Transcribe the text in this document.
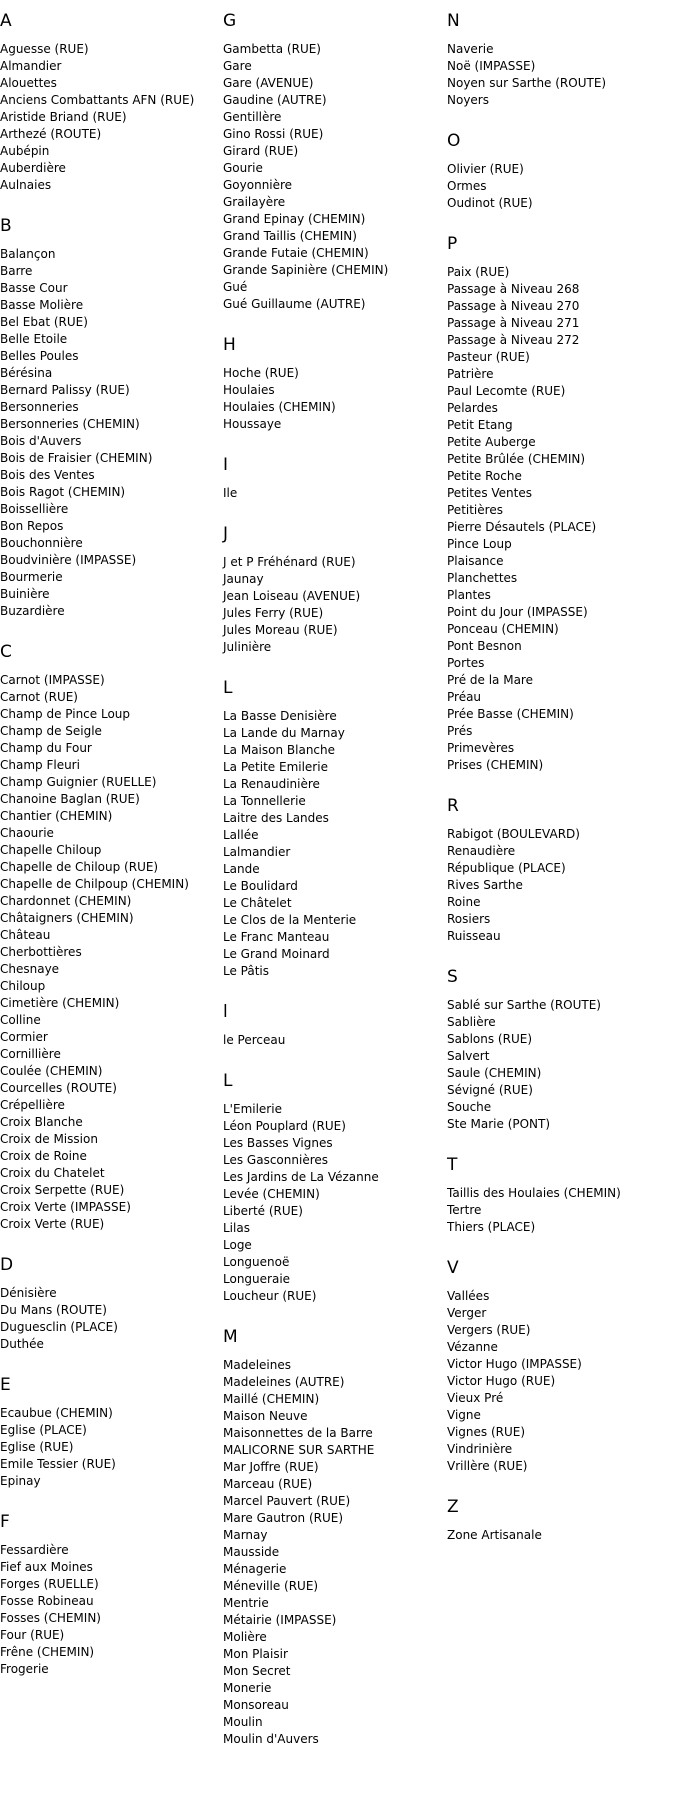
A
Aguesse (RUE)
Almandier
Alouettes
Anciens Combattants AFN (RUE)
Aristide Briand (RUE)
Arthezé (ROUTE)
Aubépin
Auberdière
Aulnaies
B
Balançon
Barre
Basse Cour
Basse Molière
Bel Ebat (RUE)
Belle Etoile
Belles Poules
Bérésina
Bernard Palissy (RUE)
Bersonneries
Bersonneries (CHEMIN)
Bois d'Auvers
Bois de Fraisier (CHEMIN)
Bois des Ventes
Bois Ragot (CHEMIN)
Boissellière
Bon Repos
Bouchonnière
Boudvinière (IMPASSE)
Bourmerie
Buinière
Buzardière
C
Carnot (IMPASSE)
Carnot (RUE)
Champ de Pince Loup
Champ de Seigle
Champ du Four
Champ Fleuri
Champ Guignier (RUELLE)
Chanoine Baglan (RUE)
Chantier (CHEMIN)
Chaourie
Chapelle Chiloup
Chapelle de Chiloup (RUE)
Chapelle de Chilpoup (CHEMIN)
Chardonnet (CHEMIN)
Châtaigners (CHEMIN)
Château
Cherbottières
Chesnaye
Chiloup
Cimetière (CHEMIN)
Colline
Cormier
Cornillière
Coulée (CHEMIN)
Courcelles (ROUTE)
Crépellière
Croix Blanche
Croix de Mission
Croix de Roine
Croix du Chatelet
Croix Serpette (RUE)
Croix Verte (IMPASSE)
Croix Verte (RUE)
D
Dénisière
Du Mans (ROUTE)
Duguesclin (PLACE)
Duthée
E
Ecaubue (CHEMIN)
Eglise (PLACE)
Eglise (RUE)
Emile Tessier (RUE)
Epinay
F
Fessardière
Fief aux Moines
Forges (RUELLE)
Fosse Robineau
Fosses (CHEMIN)
Four (RUE)
Frêne (CHEMIN)
Frogerie
G
Gambetta (RUE)
Gare
Gare (AVENUE)
Gaudine (AUTRE)
Gentillère
Gino Rossi (RUE)
Girard (RUE)
Gourie
Goyonnière
Grailayère
Grand Epinay (CHEMIN)
Grand Taillis (CHEMIN)
Grande Futaie (CHEMIN)
Grande Sapinière (CHEMIN)
Gué
Gué Guillaume (AUTRE)
H
Hoche (RUE)
Houlaies
Houlaies (CHEMIN)
Houssaye
I
Ile
J
J et P Fréhénard (RUE)
Jaunay
Jean Loiseau (AVENUE)
Jules Ferry (RUE)
Jules Moreau (RUE)
Julinière
L
La Basse Denisière
La Lande du Marnay
La Maison Blanche
La Petite Emilerie
La Renaudinière
La Tonnellerie
Laitre des Landes
Lallée
Lalmandier
Lande
Le Boulidard
Le Châtelet
Le Clos de la Menterie
Le Franc Manteau
Le Grand Moinard
Le Pâtis
l
le Perceau
L
L'Emilerie
Léon Pouplard (RUE)
Les Basses Vignes
Les Gasconnières
Les Jardins de La Vézanne
Levée (CHEMIN)
Liberté (RUE)
Lilas
Loge
Longuenoë
Longueraie
Loucheur (RUE)
M
Madeleines
Madeleines (AUTRE)
Maillé (CHEMIN)
Maison Neuve
Maisonnettes de la Barre
MALICORNE SUR SARTHE
Mar Joffre (RUE)
Marceau (RUE)
Marcel Pauvert (RUE)
Mare Gautron (RUE)
Marnay
Mausside
Ménagerie
Méneville (RUE)
Mentrie
Métairie (IMPASSE)
Molière
Mon Plaisir
Mon Secret
Monerie
Monsoreau
Moulin
Moulin d'Auvers
N
Naverie
Noë (IMPASSE)
Noyen sur Sarthe (ROUTE)
Noyers
O
Olivier (RUE)
Ormes
Oudinot (RUE)
P
Paix (RUE)
Passage à Niveau 268
Passage à Niveau 270
Passage à Niveau 271
Passage à Niveau 272
Pasteur (RUE)
Patrière
Paul Lecomte (RUE)
Pelardes
Petit Etang
Petite Auberge
Petite Brûlée (CHEMIN)
Petite Roche
Petites Ventes
Petitières
Pierre Désautels (PLACE)
Pince Loup
Plaisance
Planchettes
Plantes
Point du Jour (IMPASSE)
Ponceau (CHEMIN)
Pont Besnon
Portes
Pré de la Mare
Préau
Prée Basse (CHEMIN)
Prés
Primevères
Prises (CHEMIN)
R
Rabigot (BOULEVARD)
Renaudière
République (PLACE)
Rives Sarthe
Roine
Rosiers
Ruisseau
S
Sablé sur Sarthe (ROUTE)
Sablière
Sablons (RUE)
Salvert
Saule (CHEMIN)
Sévigné (RUE)
Souche
Ste Marie (PONT)
T
Taillis des Houlaies (CHEMIN)
Tertre
Thiers (PLACE)
V
Vallées
Verger
Vergers (RUE)
Vézanne
Victor Hugo (IMPASSE)
Victor Hugo (RUE)
Vieux Pré
Vigne
Vignes (RUE)
Vindrinière
Vrillère (RUE)
Z
Zone Artisanale
